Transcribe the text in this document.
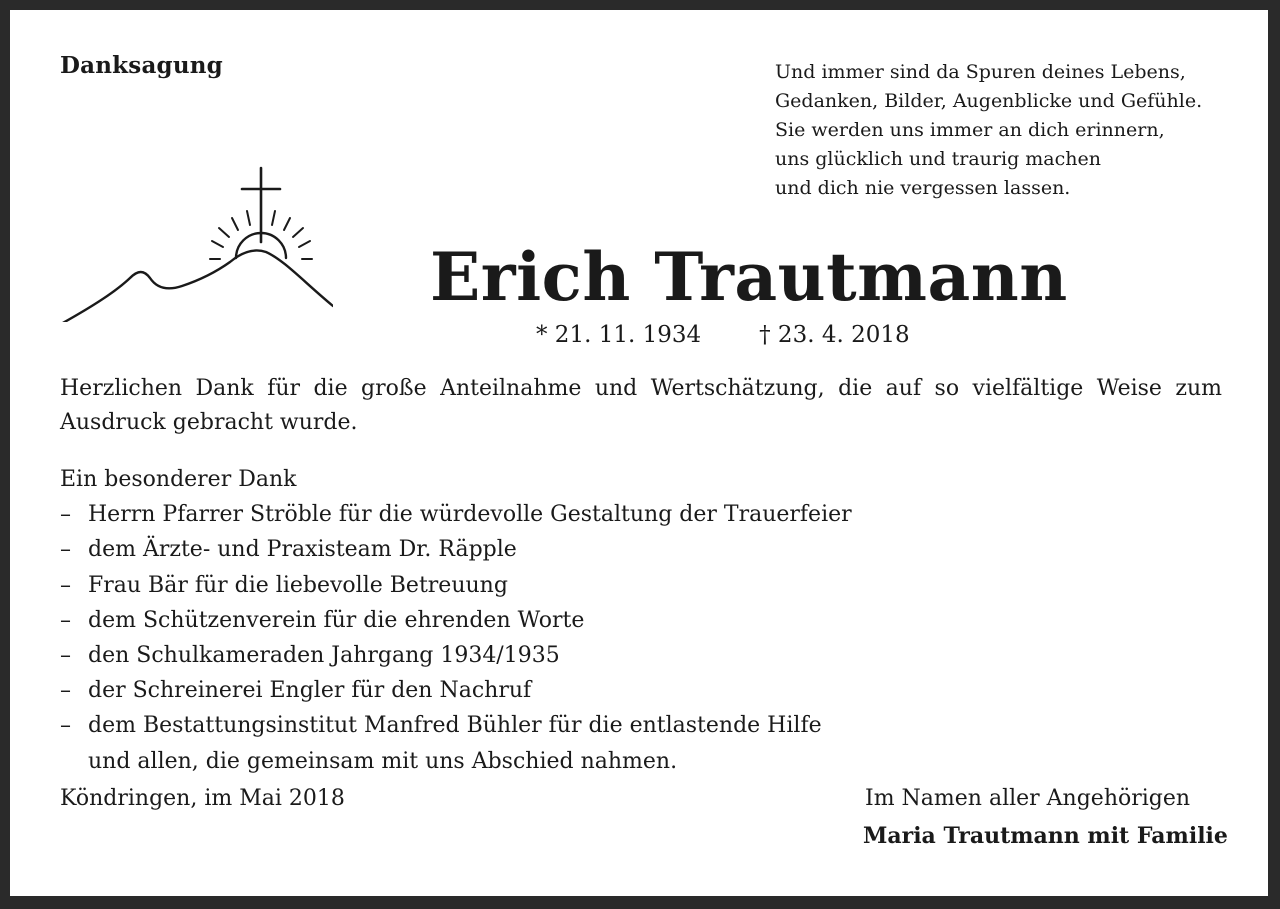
Danksagung	Und immer sind da Spuren deines Lebens,
Gedanken, Bilder, Augenblicke und Gefühle.
Sie werden uns immer an dich erinnern,
uns glücklich und traurig machen
und dich nie vergessen lassen.
Erich Trautmann
* 21. 11. 1934	† 23. 4. 2018
Herzlichen Dank für die große Anteilnahme und Wertschätzung, die auf so vielfältige Weise zum Ausdruck gebracht wurde.
Ein besonderer Dank
– Herrn Pfarrer Ströble für die würdevolle Gestaltung der Trauerfeier
– dem Ärzte- und Praxisteam Dr. Räpple
– Frau Bär für die liebevolle Betreuung
– dem Schützenverein für die ehrenden Worte
– den Schulkameraden Jahrgang 1934/1935
– der Schreinerei Engler für den Nachruf
– dem Bestattungsinstitut Manfred Bühler für die entlastende Hilfe
und allen, die gemeinsam mit uns Abschied nahmen.
Köndringen, im Mai 2018	Im Namen aller Angehörigen
Maria Trautmann mit Familie
